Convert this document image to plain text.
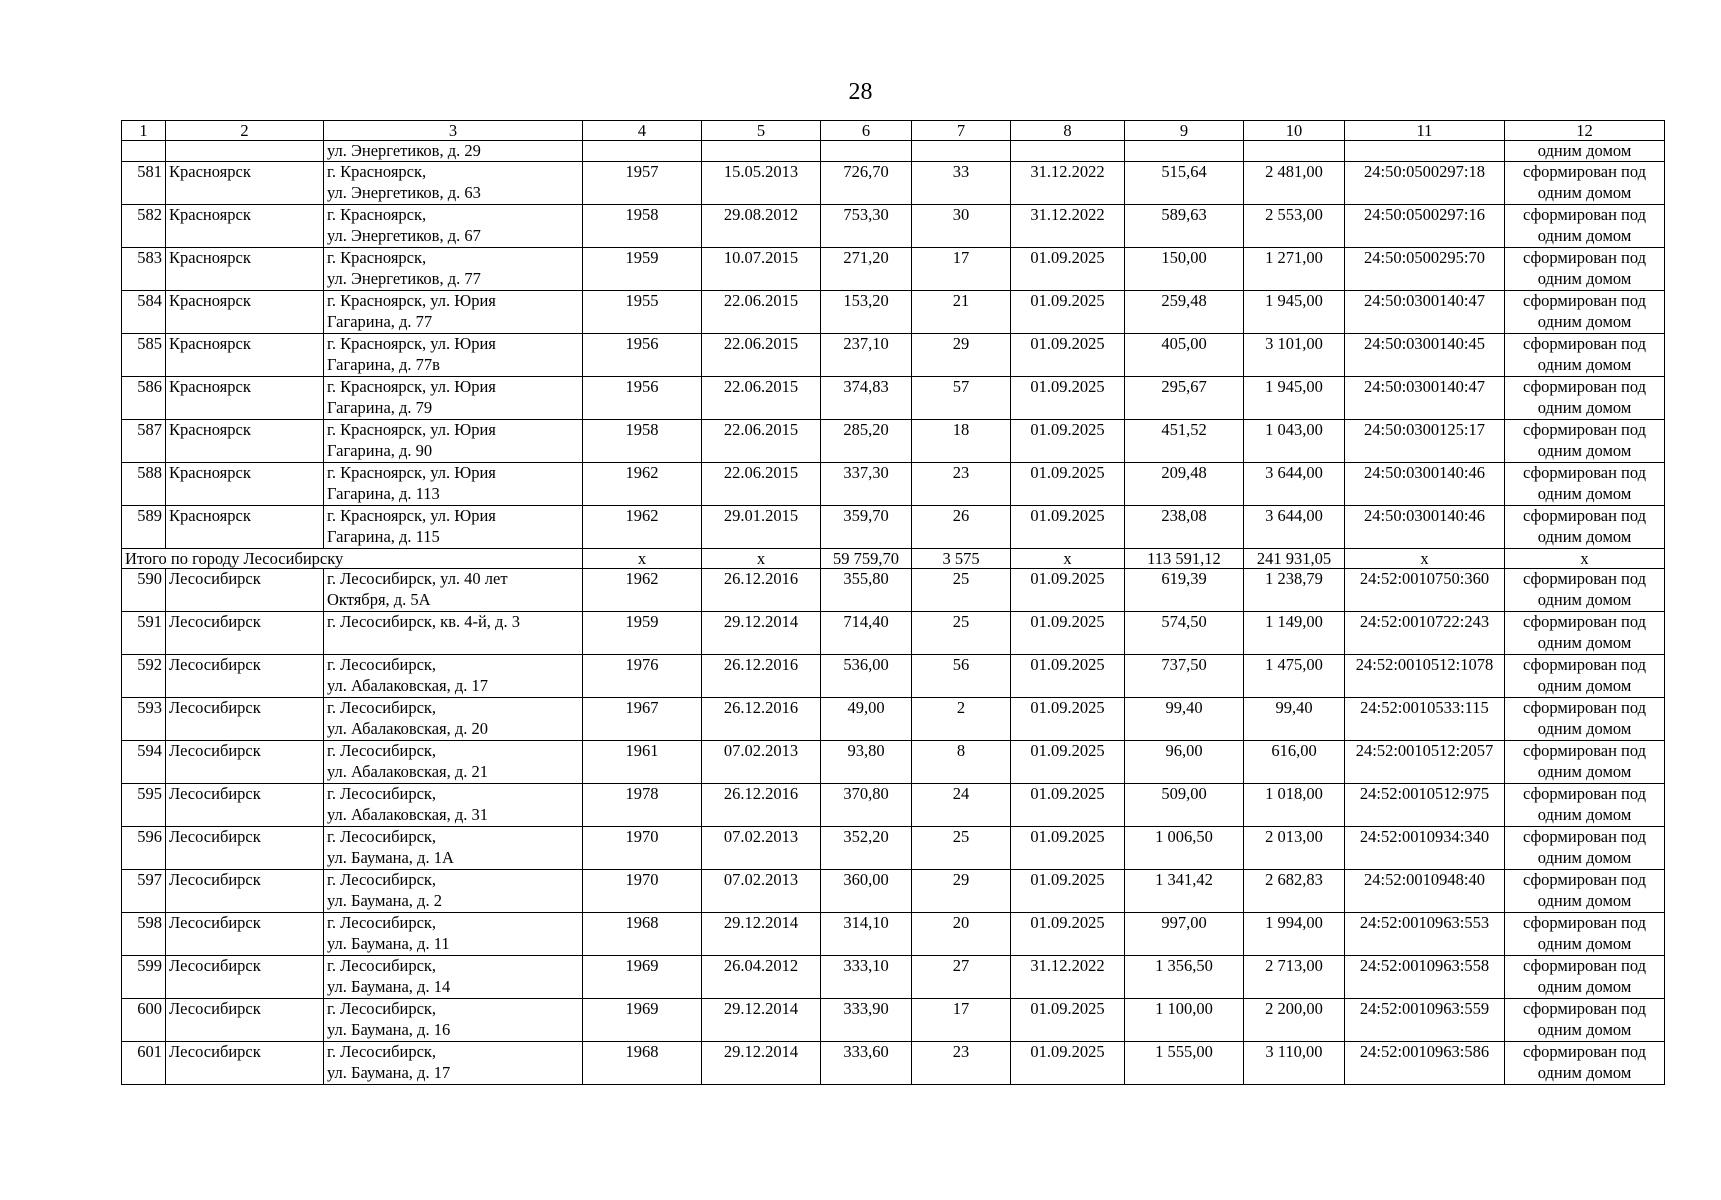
28
1	2	3	4	5	6	7	8	9	10	11	12
		ул. Энергетиков, д. 29									одним домом
581	Красноярск	г. Красноярск,
ул. Энергетиков, д. 63	1957	15.05.2013	726,70	33	31.12.2022	515,64	2 481,00	24:50:0500297:18	сформирован под
одним домом

582	Красноярск	г. Красноярск,
ул. Энергетиков, д. 67	1958	29.08.2012	753,30	30	31.12.2022	589,63	2 553,00	24:50:0500297:16	сформирован под
одним домом

583	Красноярск	г. Красноярск,
ул. Энергетиков, д. 77	1959	10.07.2015	271,20	17	01.09.2025	150,00	1 271,00	24:50:0500295:70	сформирован под
одним домом

584	Красноярск	г. Красноярск, ул. Юрия
Гагарина, д. 77	1955	22.06.2015	153,20	21	01.09.2025	259,48	1 945,00	24:50:0300140:47	сформирован под
одним домом

585	Красноярск	г. Красноярск, ул. Юрия
Гагарина, д. 77в	1956	22.06.2015	237,10	29	01.09.2025	405,00	3 101,00	24:50:0300140:45	сформирован под
одним домом

586	Красноярск	г. Красноярск, ул. Юрия
Гагарина, д. 79	1956	22.06.2015	374,83	57	01.09.2025	295,67	1 945,00	24:50:0300140:47	сформирован под
одним домом

587	Красноярск	г. Красноярск, ул. Юрия
Гагарина, д. 90	1958	22.06.2015	285,20	18	01.09.2025	451,52	1 043,00	24:50:0300125:17	сформирован под
одним домом

588	Красноярск	г. Красноярск, ул. Юрия
Гагарина, д. 113	1962	22.06.2015	337,30	23	01.09.2025	209,48	3 644,00	24:50:0300140:46	сформирован под
одним домом

589	Красноярск	г. Красноярск, ул. Юрия
Гагарина, д. 115	1962	29.01.2015	359,70	26	01.09.2025	238,08	3 644,00	24:50:0300140:46	сформирован под
одним домом

Итого по городу Лесосибирску			х	х	59 759,70	3 575	х	113 591,12	241 931,05	х	х
590	Лесосибирск	г. Лесосибирск, ул. 40 лет
Октября, д. 5А	1962	26.12.2016	355,80	25	01.09.2025	619,39	1 238,79	24:52:0010750:360	сформирован под
одним домом

591	Лесосибирск	г. Лесосибирск, кв. 4-й, д. 3	1959	29.12.2014	714,40	25	01.09.2025	574,50	1 149,00	24:52:0010722:243	сформирован под
одним домом

592	Лесосибирск	г. Лесосибирск,
ул. Абалаковская, д. 17	1976	26.12.2016	536,00	56	01.09.2025	737,50	1 475,00	24:52:0010512:1078	сформирован под
одним домом

593	Лесосибирск	г. Лесосибирск,
ул. Абалаковская, д. 20	1967	26.12.2016	49,00	2	01.09.2025	99,40	99,40	24:52:0010533:115	сформирован под
одним домом

594	Лесосибирск	г. Лесосибирск,
ул. Абалаковская, д. 21	1961	07.02.2013	93,80	8	01.09.2025	96,00	616,00	24:52:0010512:2057	сформирован под
одним домом

595	Лесосибирск	г. Лесосибирск,
ул. Абалаковская, д. 31	1978	26.12.2016	370,80	24	01.09.2025	509,00	1 018,00	24:52:0010512:975	сформирован под
одним домом

596	Лесосибирск	г. Лесосибирск,
ул. Баумана, д. 1А	1970	07.02.2013	352,20	25	01.09.2025	1 006,50	2 013,00	24:52:0010934:340	сформирован под
одним домом

597	Лесосибирск	г. Лесосибирск,
ул. Баумана, д. 2	1970	07.02.2013	360,00	29	01.09.2025	1 341,42	2 682,83	24:52:0010948:40	сформирован под
одним домом

598	Лесосибирск	г. Лесосибирск,
ул. Баумана, д. 11	1968	29.12.2014	314,10	20	01.09.2025	997,00	1 994,00	24:52:0010963:553	сформирован под
одним домом

599	Лесосибирск	г. Лесосибирск,
ул. Баумана, д. 14	1969	26.04.2012	333,10	27	31.12.2022	1 356,50	2 713,00	24:52:0010963:558	сформирован под
одним домом

600	Лесосибирск	г. Лесосибирск,
ул. Баумана, д. 16	1969	29.12.2014	333,90	17	01.09.2025	1 100,00	2 200,00	24:52:0010963:559	сформирован под
одним домом

601	Лесосибирск	г. Лесосибирск,
ул. Баумана, д. 17	1968	29.12.2014	333,60	23	01.09.2025	1 555,00	3 110,00	24:52:0010963:586	сформирован под
одним домом
